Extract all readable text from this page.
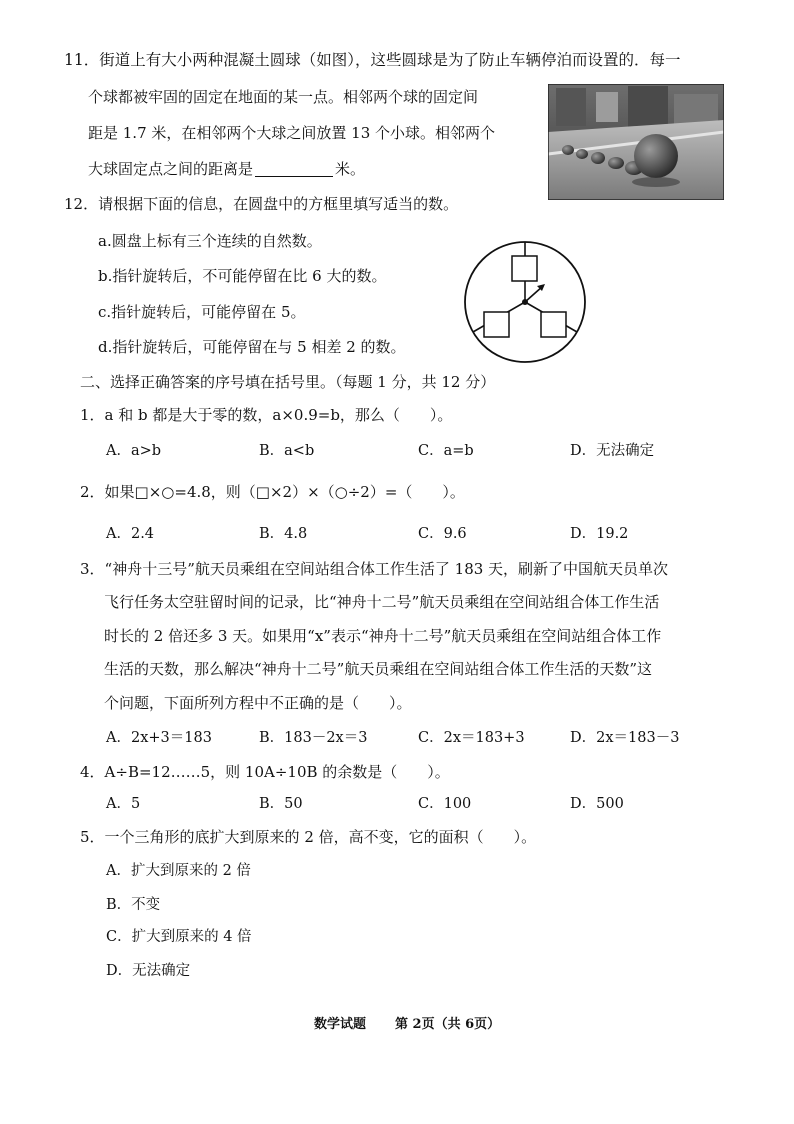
11．街道上有大小两种混凝土圆球（如图），这些圆球是为了防止车辆停泊而设置的．每一
个球都被牢固的固定在地面的某一点。相邻两个球的固定间
距是 1.7 米，在相邻两个大球之间放置 13 个小球。相邻两个
大球固定点之间的距离是	米。
12．请根据下面的信息，在圆盘中的方框里填写适当的数。
a.圆盘上标有三个连续的自然数。
b.指针旋转后，不可能停留在比 6 大的数。
c.指针旋转后，可能停留在 5。
d.指针旋转后，可能停留在与 5 相差 2 的数。
二、选择正确答案的序号填在括号里。（每题 1 分，共 12 分）
1．a 和 b 都是大于零的数，a×0.9=b，那么（　　）。
A．a>b	B．a<b	C．a=b	D．无法确定
2．如果□×○=4.8，则（□×2）×（○÷2）=（　　）。
A．2.4	B．4.8	C．9.6	D．19.2
3．“神舟十三号”航天员乘组在空间站组合体工作生活了 183 天，刷新了中国航天员单次
飞行任务太空驻留时间的记录，比“神舟十二号”航天员乘组在空间站组合体工作生活
时长的 2 倍还多 3 天。如果用“x”表示“神舟十二号”航天员乘组在空间站组合体工作
生活的天数，那么解决“神舟十二号”航天员乘组在空间站组合体工作生活的天数”这
个问题，下面所列方程中不正确的是（　　）。
A．2x+3＝183	B．183－2x＝3	C．2x＝183+3	D．2x＝183－3
4．A÷B=12……5，则 10A÷10B 的余数是（　　）。
A．5	B．50	C．100	D．500
5．一个三角形的底扩大到原来的 2 倍，高不变，它的面积（　　）。
A．扩大到原来的 2 倍
B．不变
C．扩大到原来的 4 倍
D．无法确定
数学试题 第 2页（共 6页）
